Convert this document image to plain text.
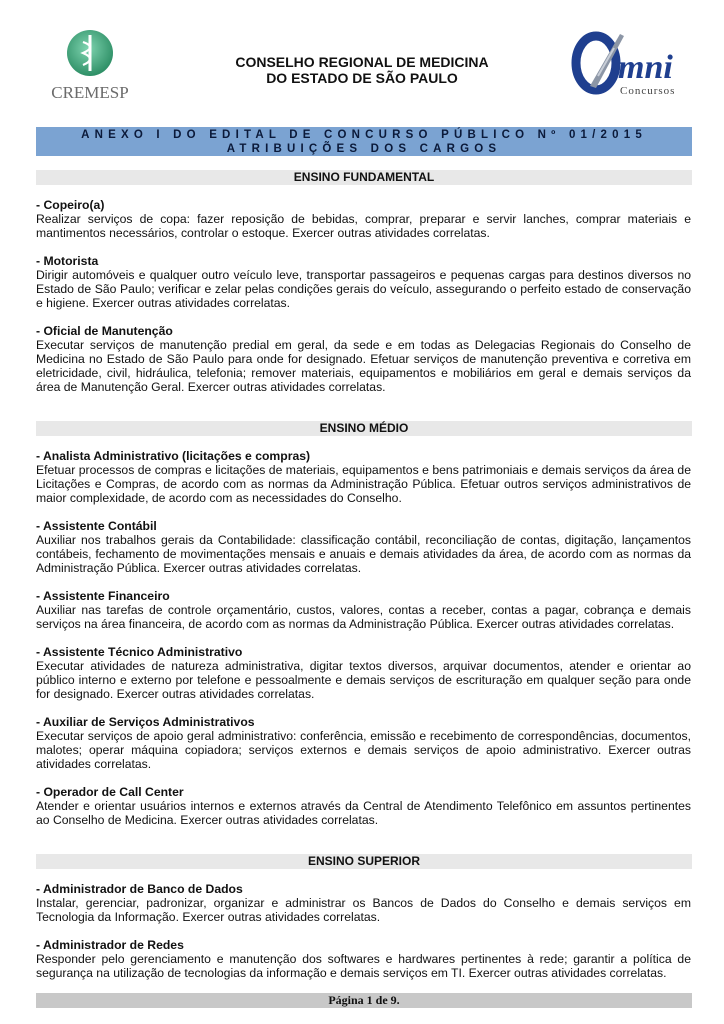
CREMESP
CONSELHO REGIONAL DE MEDICINA
DO ESTADO DE SÃO PAULO	mni
Concursos
ANEXO I DO EDITAL DE CONCURSO PÚBLICO Nº 01/2015
ATRIBUIÇÕES DOS CARGOS
ENSINO FUNDAMENTAL
- Copeiro(a)
Realizar serviços de copa: fazer reposição de bebidas, comprar, preparar e servir lanches, comprar materiais e mantimentos necessários, controlar o estoque. Exercer outras atividades correlatas.
- Motorista
Dirigir automóveis e qualquer outro veículo leve, transportar passageiros e pequenas cargas para destinos diversos no Estado de São Paulo; verificar e zelar pelas condições gerais do veículo, assegurando o perfeito estado de conservação e higiene. Exercer outras atividades correlatas.
- Oficial de Manutenção
Executar serviços de manutenção predial em geral, da sede e em todas as Delegacias Regionais do Conselho de Medicina no Estado de São Paulo para onde for designado. Efetuar serviços de manutenção preventiva e corretiva em eletricidade, civil, hidráulica, telefonia; remover materiais, equipamentos e mobiliários em geral e demais serviços da área de Manutenção Geral. Exercer outras atividades correlatas.
ENSINO MÉDIO
- Analista Administrativo (licitações e compras)
Efetuar processos de compras e licitações de materiais, equipamentos e bens patrimoniais e demais serviços da área de Licitações e Compras, de acordo com as normas da Administração Pública. Efetuar outros serviços administrativos de maior complexidade, de acordo com as necessidades do Conselho.
- Assistente Contábil
Auxiliar nos trabalhos gerais da Contabilidade: classificação contábil, reconciliação de contas, digitação, lançamentos contábeis, fechamento de movimentações mensais e anuais e demais atividades da área, de acordo com as normas da Administração Pública. Exercer outras atividades correlatas.
- Assistente Financeiro
Auxiliar nas tarefas de controle orçamentário, custos, valores, contas a receber, contas a pagar, cobrança e demais serviços na área financeira, de acordo com as normas da Administração Pública. Exercer outras atividades correlatas.
- Assistente Técnico Administrativo
Executar atividades de natureza administrativa, digitar textos diversos, arquivar documentos, atender e orientar ao público interno e externo por telefone e pessoalmente e demais serviços de escrituração em qualquer seção para onde for designado. Exercer outras atividades correlatas.
- Auxiliar de Serviços Administrativos
Executar serviços de apoio geral administrativo: conferência, emissão e recebimento de correspondências, documentos, malotes; operar máquina copiadora; serviços externos e demais serviços de apoio administrativo. Exercer outras atividades correlatas.
- Operador de Call Center
Atender e orientar usuários internos e externos através da Central de Atendimento Telefônico em assuntos pertinentes ao Conselho de Medicina. Exercer outras atividades correlatas.
ENSINO SUPERIOR
- Administrador de Banco de Dados
Instalar, gerenciar, padronizar, organizar e administrar os Bancos de Dados do Conselho e demais serviços em Tecnologia da Informação. Exercer outras atividades correlatas.
- Administrador de Redes
Responder pelo gerenciamento e manutenção dos softwares e hardwares pertinentes à rede; garantir a política de segurança na utilização de tecnologias da informação e demais serviços em TI. Exercer outras atividades correlatas.
Página 1 de 9.
